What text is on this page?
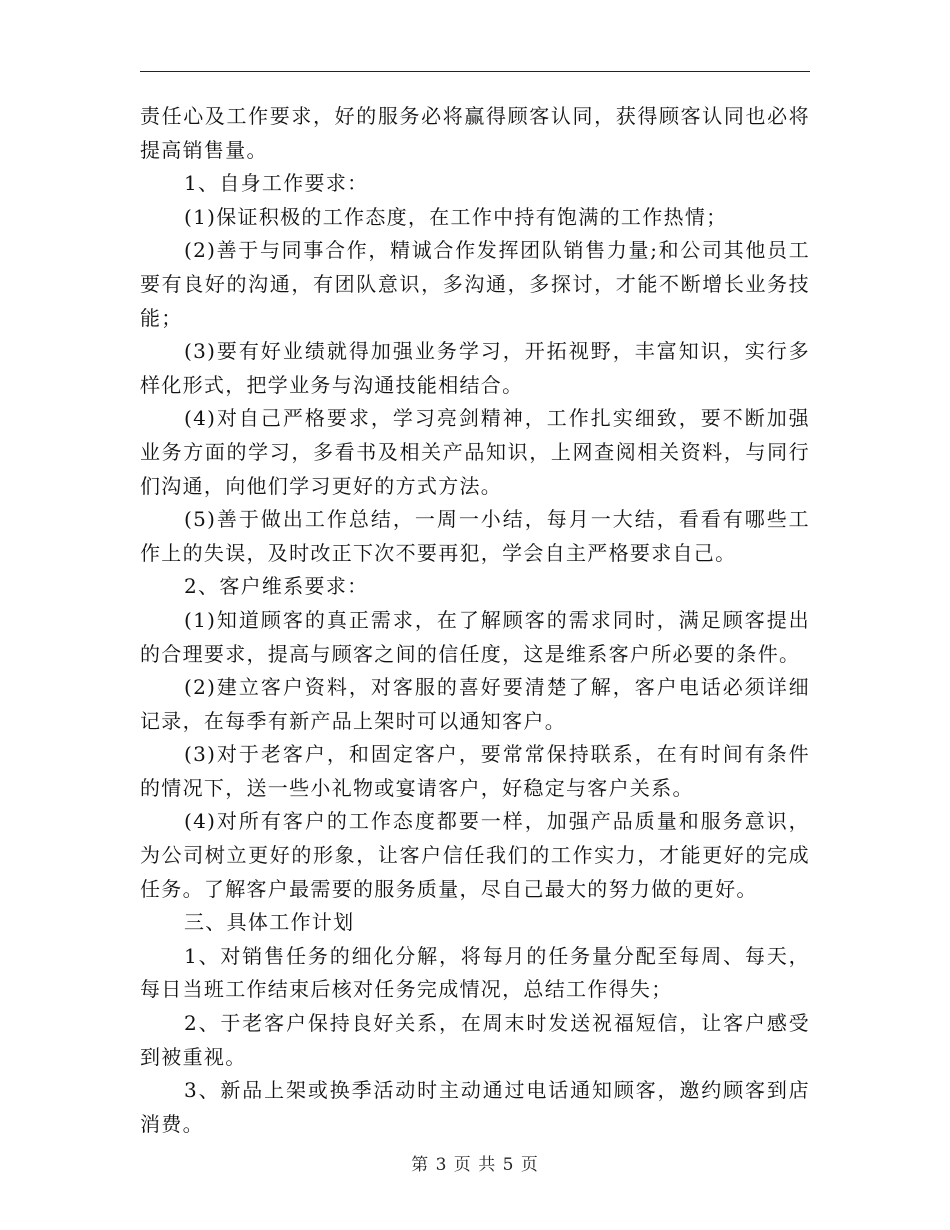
责任心及工作要求，好的服务必将赢得顾客认同，获得顾客认同也必将提高销售量。

1、自身工作要求：

(1)保证积极的工作态度，在工作中持有饱满的工作热情；

(2)善于与同事合作，精诚合作发挥团队销售力量;和公司其他员工要有良好的沟通，有团队意识，多沟通，多探讨，才能不断增长业务技能；

(3)要有好业绩就得加强业务学习，开拓视野，丰富知识，实行多样化形式，把学业务与沟通技能相结合。

(4)对自己严格要求，学习亮剑精神，工作扎实细致，要不断加强业务方面的学习，多看书及相关产品知识，上网查阅相关资料，与同行们沟通，向他们学习更好的方式方法。

(5)善于做出工作总结，一周一小结，每月一大结，看看有哪些工作上的失误，及时改正下次不要再犯，学会自主严格要求自己。

2、客户维系要求：

(1)知道顾客的真正需求，在了解顾客的需求同时，满足顾客提出的合理要求，提高与顾客之间的信任度，这是维系客户所必要的条件。

(2)建立客户资料，对客服的喜好要清楚了解，客户电话必须详细记录，在每季有新产品上架时可以通知客户。

(3)对于老客户，和固定客户，要常常保持联系，在有时间有条件的情况下，送一些小礼物或宴请客户，好稳定与客户关系。

(4)对所有客户的工作态度都要一样，加强产品质量和服务意识，为公司树立更好的形象，让客户信任我们的工作实力，才能更好的完成任务。了解客户最需要的服务质量，尽自己最大的努力做的更好。

三、具体工作计划

1、对销售任务的细化分解，将每月的任务量分配至每周、每天，每日当班工作结束后核对任务完成情况，总结工作得失；

2、于老客户保持良好关系，在周末时发送祝福短信，让客户感受到被重视。

3、新品上架或换季活动时主动通过电话通知顾客，邀约顾客到店消费。

第 3 页 共 5 页
